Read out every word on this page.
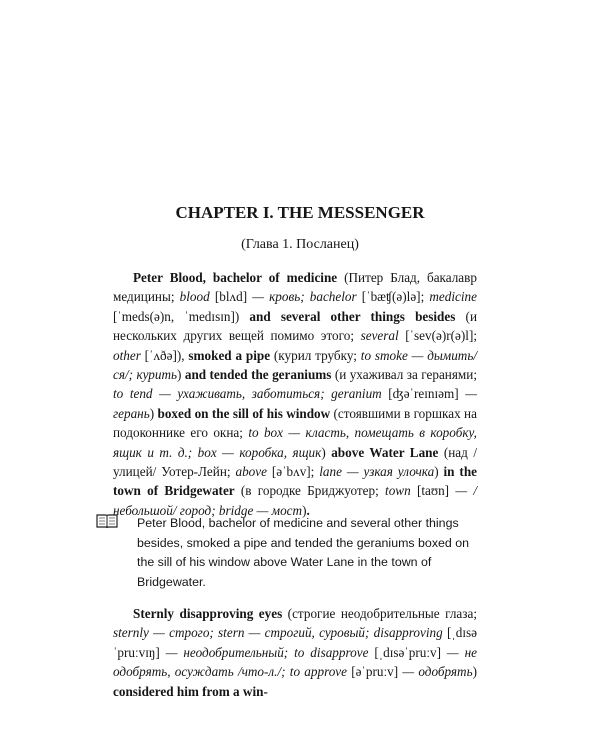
CHAPTER I. THE MESSENGER
(Глава 1. Посланец)
Peter Blood, bachelor of medicine (Питер Блад, бакалавр медицины; blood [blʌd] — кровь; bachelor [ˈbæʧ(ə)lə]; medicine [ˈmeds(ə)n, ˈmedɪsɪn]) and several other things besides (и нескольких других вещей помимо этого; several [ˈsev(ə)r(ə)l]; other [ˈʌðə]), smoked a pipe (курил трубку; to smoke — дымить/ся/; курить) and tended the geraniums (и ухаживал за геранями; to tend — ухаживать, заботиться; geranium [ʤəˈreɪnɪəm] — герань) boxed on the sill of his window (стоявшими в горшках на подоконнике его окна; to box — класть, помещать в коробку, ящик и т. д.; box — коробка, ящик) above Water Lane (над /улицей/ Уотер-Лейн; above [əˈbʌv]; lane — узкая улочка) in the town of Bridgewater (в городке Бриджуотер; town [taʊn] — /небольшой/ город; bridge — мост).
Peter Blood, bachelor of medicine and several other things besides, smoked a pipe and tended the geraniums boxed on the sill of his window above Water Lane in the town of Bridgewater.
Sternly disapproving eyes (строгие неодобрительные глаза; sternly — строго; stern — строгий, суровый; disapproving [ˌdɪsəˈpruːvɪŋ] — неодобрительный; to disapprove [ˌdɪsəˈpruːv] — не одобрять, осуждать /что-л./; to approve [əˈpruːv] — одобрять) considered him from a win-
